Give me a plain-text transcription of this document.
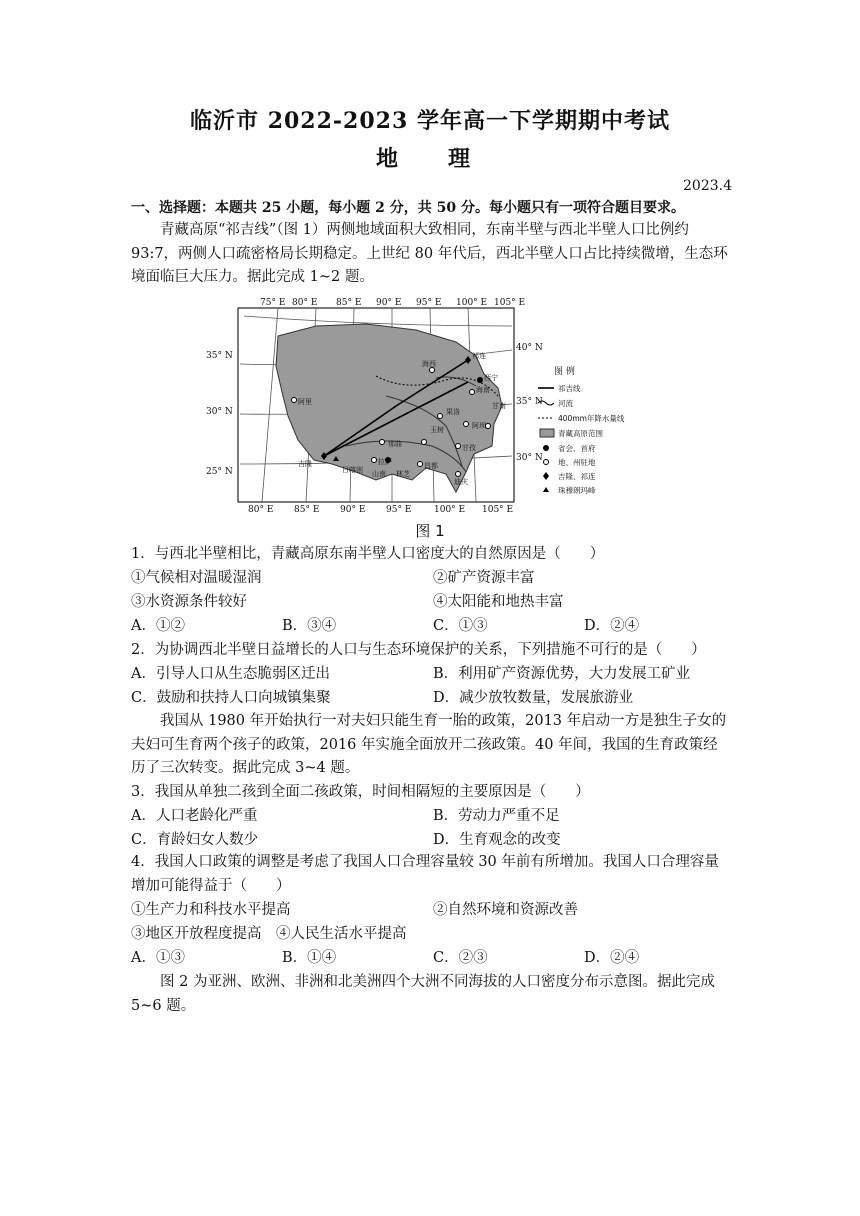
临沂市 2022-2023 学年高一下学期期中考试
地　理
2023.4
一、选择题：本题共 25 小题，每小题 2 分，共 50 分。每小题只有一项符合题目要求。
青藏高原“祁吉线”（图 1）两侧地域面积大致相同，东南半壁与西北半壁人口比例约 93:7，两侧人口疏密格局长期稳定。上世纪 80 年代后，西北半壁人口占比持续微增，生态环境面临巨大压力。据此完成 1~2 题。
75° E 80° E 85° E 90° E 95° E 100° E 105° E
80° E 85° E 90° E 95° E	100° E 105° E
35° N
30° N
25° N
40° N
35° N
30° N
海西
祁连
西宁
海南
阿里	甘南
果洛
阿坝
玉树
那曲	甘孜
拉萨	昌都
日喀则 山南 林芝
吉隆
迪庆
图 例
祁吉线
河流
400mm年降水量线
青藏高原范围
省会、首府
地、州驻地
吉隆、祁连
珠穆朗玛峰
图 1
1．与西北半壁相比，青藏高原东南半壁人口密度大的自然原因是（　　）
①气候相对温暖湿润	②矿产资源丰富
③水资源条件较好	④太阳能和地热丰富
A．①②	B．③④	C．①③	D．②④
2．为协调西北半壁日益增长的人口与生态环境保护的关系，下列措施不可行的是（　　）
A．引导人口从生态脆弱区迁出	B．利用矿产资源优势，大力发展工矿业
C．鼓励和扶持人口向城镇集聚	D．减少放牧数量，发展旅游业
我国从 1980 年开始执行一对夫妇只能生育一胎的政策，2013 年启动一方是独生子女的夫妇可生育两个孩子的政策，2016 年实施全面放开二孩政策。40 年间，我国的生育政策经历了三次转变。据此完成 3~4 题。
3．我国从单独二孩到全面二孩政策，时间相隔短的主要原因是（　　）
A．人口老龄化严重	B．劳动力严重不足
C．育龄妇女人数少	D．生育观念的改变
4．我国人口政策的调整是考虑了我国人口合理容量较 30 年前有所增加。我国人口合理容量增加可能得益于（　　）
①生产力和科技水平提高	②自然环境和资源改善
③地区开放程度提高　④人民生活水平提高
A．①③	B．①④	C．②③	D．②④
图 2 为亚洲、欧洲、非洲和北美洲四个大洲不同海拔的人口密度分布示意图。据此完成 5~6 题。
